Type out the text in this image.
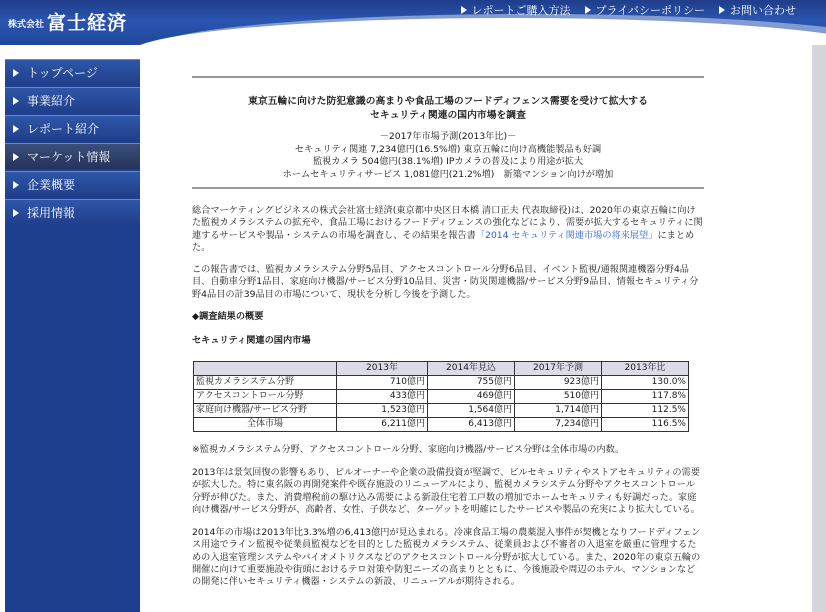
株式会社 富士経済
レポートご購入方法 プライバシーポリシー お問い合わせ
トップページ
事業紹介
レポート紹介
マーケット情報
企業概要
採用情報
東京五輪に向けた防犯意識の高まりや食品工場のフードディフェンス需要を受けて拡大する
セキュリティ関連の国内市場を調査
－2017年市場予測(2013年比)－
セキュリティ関連 7,234億円(16.5%増) 東京五輪に向け高機能製品も好調
監視カメラ 504億円(38.1%増) IPカメラの普及により用途が拡大
ホームセキュリティサービス 1,081億円(21.2%増)　新築マンション向けが増加

総合マーケティングビジネスの株式会社富士経済(東京都中央区日本橋 清口正夫 代表取締役)は、2020年の東京五輪に向けた監視カメラシステムの拡充や、食品工場におけるフードディフェンスの強化などにより、需要が拡大するセキュリティに関連するサービスや製品・システムの市場を調査し、その結果を報告書「2014 セキュリティ関連市場の将来展望」にまとめた。

この報告書では、監視カメラシステム分野5品目、アクセスコントロール分野6品目、イベント監視/通報関連機器分野4品目、自動車分野1品目、家庭向け機器/サービス分野10品目、災害・防災関連機器/サービス分野9品目、情報セキュリティ分野4品目の計39品目の市場について、現状を分析し今後を予測した。

◆調査結果の概要
セキュリティ関連の国内市場
	2013年	2014年見込	2017年予測	2013年比
監視カメラシステム分野	710億円	755億円	923億円	130.0%
アクセスコントロール分野	433億円	469億円	510億円	117.8%
家庭向け機器/サービス分野	1,523億円	1,564億円	1,714億円	112.5%
全体市場	6,211億円	6,413億円	7,234億円	116.5%

※監視カメラシステム分野、アクセスコントロール分野、家庭向け機器/サービス分野は全体市場の内数。

2013年は景気回復の影響もあり、ビルオーナーや企業の設備投資が堅調で、ビルセキュリティやストアセキュリティの需要が拡大した。特に東名阪の再開発案件や既存施設のリニューアルにより、監視カメラシステム分野やアクセスコントロール分野が伸びた。また、消費増税前の駆け込み需要による新設住宅着工戸数の増加でホームセキュリティも好調だった。家庭向け機器/サービス分野が、高齢者、女性、子供など、ターゲットを明確にしたサービスや製品の充実により拡大している。

2014年の市場は2013年比3.3%増の6,413億円が見込まれる。冷凍食品工場の農薬混入事件が契機となりフードディフェンス用途でライン監視や従業員監視などを目的とした監視カメラシステム、従業員および不審者の入退室を厳重に管理するための入退室管理システムやバイオメトリクスなどのアクセスコントロール分野が拡大している。また、2020年の東京五輪の開催に向けて重要施設や街頭におけるテロ対策や防犯ニーズの高まりとともに、今後施設や周辺のホテル、マンションなどの開発に伴いセキュリティ機器・システムの新設、リニューアルが期待される。
